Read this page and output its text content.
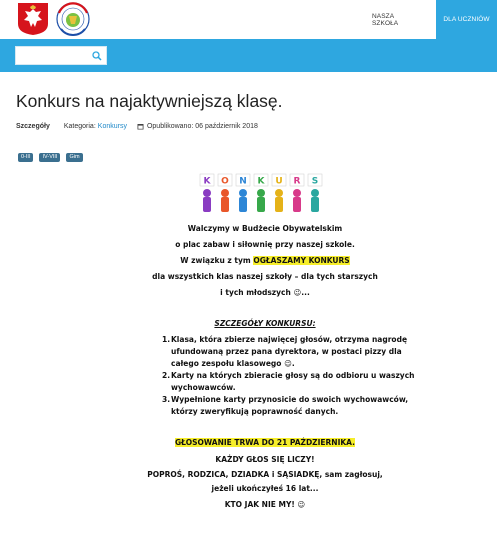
NASZA SZKOŁA	DLA UCZNIÓW
Konkurs na najaktywniejszą klasę.
Szczegóły Kategoria: Konkursy	Opublikowano: 06 październik 2018
0-III	IV-VIII	Gim
K O N K U R S
Walczymy w Budżecie Obywatelskim
o plac zabaw i siłownię przy naszej szkole.
W związku z tym OGŁASZAMY KONKURS
dla wszystkich klas naszej szkoły – dla tych starszych
i tych młodszych 😉...
SZCZEGÓŁY KONKURSU:
1.Klasa, która zbierze najwięcej głosów, otrzyma nagrodę
ufundowaną przez pana dyrektora, w postaci pizzy dla
całego zespołu klasowego 😉.
2.Karty na których zbieracie głosy są do odbioru u waszych
wychowawców.
3.Wypełnione karty przynosicie do swoich wychowawców,
którzy zweryfikują poprawność danych.
GŁOSOWANIE TRWA DO 21 PAŹDZIERNIKA.
KAŻDY GŁOS SIĘ LICZY!
POPROŚ, RODZICA, DZIADKA i SĄSIADKĘ, sam zagłosuj,
jeżeli ukończyłeś 16 lat...
KTO JAK NIE MY! 😉
